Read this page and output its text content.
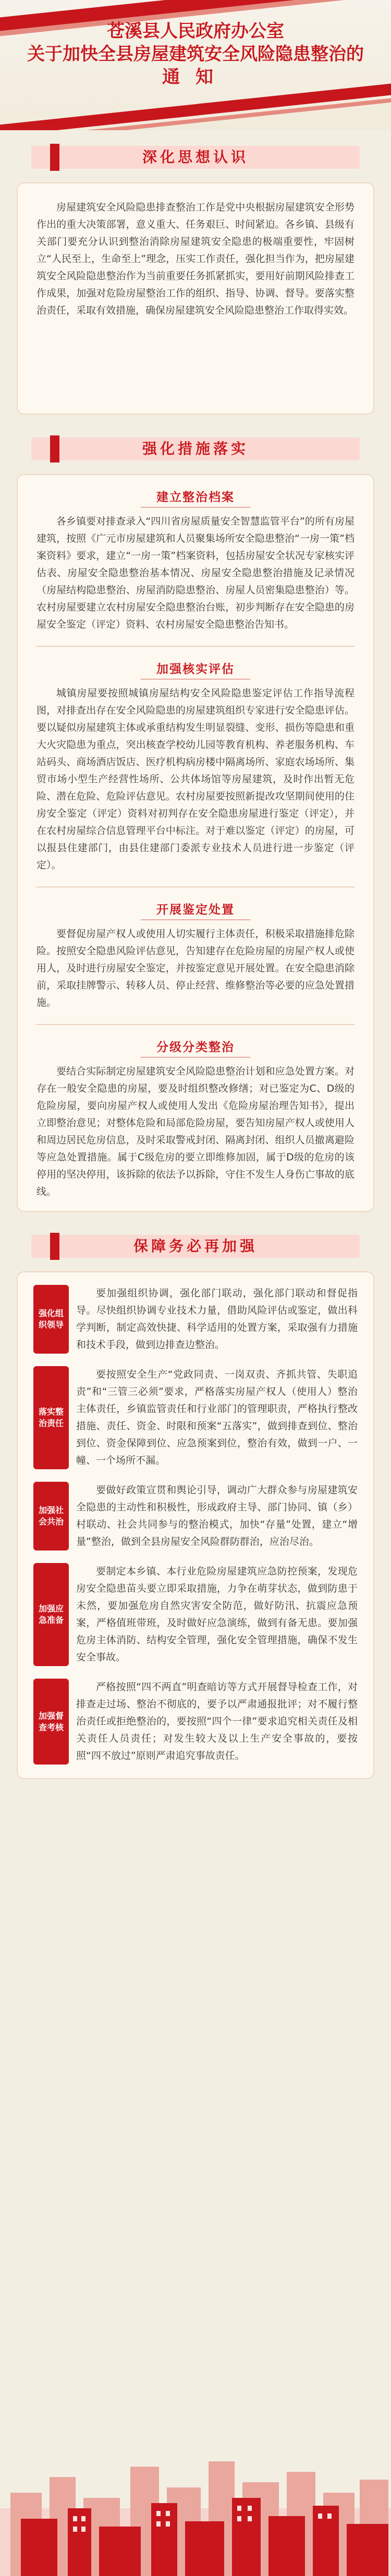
苍溪县人民政府办公室
关于加快全县房屋建筑安全风险隐患整治的
通知
深化思想认识

房屋建筑安全风险隐患排查整治工作是党中央根据房屋建筑安全形势作出的重大决策部署，意义重大、任务艰巨、时间紧迫。各乡镇、县级有关部门要充分认识到整治消除房屋建筑安全隐患的极端重要性，牢固树立“人民至上，生命至上”理念，压实工作责任，强化担当作为，把房屋建筑安全风险隐患整治作为当前重要任务抓紧抓实，要用好前期风险排查工作成果，加强对危险房屋整治工作的组织、指导、协调、督导。要落实整治责任，采取有效措施，确保房屋建筑安全风险隐患整治工作取得实效。

强化措施落实
建立整治档案

各乡镇要对排查录入“四川省房屋质量安全智慧监管平台”的所有房屋建筑，按照《广元市房屋建筑和人员聚集场所安全隐患整治“一房一策”档案资料》要求，建立“一房一策”档案资料，包括房屋安全状况专家核实评估表、房屋安全隐患整治基本情况、房屋安全隐患整治措施及记录情况（房屋结构隐患整治、房屋消防隐患整治、房屋人员密集隐患整治）等。农村房屋要建立农村房屋安全隐患整治台账，初步判断存在安全隐患的房屋安全鉴定（评定）资料、农村房屋安全隐患整治告知书。

加强核实评估

城镇房屋要按照城镇房屋结构安全风险隐患鉴定评估工作指导流程图，对排查出存在安全风险隐患的房屋建筑组织专家进行安全隐患评估。要以疑似房屋建筑主体或承重结构发生明显裂缝、变形、损伤等隐患和重大火灾隐患为重点，突出核查学校幼儿园等教育机构、养老服务机构、车站码头、商场酒店饭店、医疗机构病房楼中隔离场所、家庭农场场所、集贸市场小型生产经营性场所、公共体场馆等房屋建筑，及时作出暂无危险、潜在危险、危险评估意见。农村房屋要按照新提改攻坚期间使用的住房安全鉴定（评定）资料对初判存在安全隐患房屋进行鉴定（评定），并在农村房屋综合信息管理平台中标注。对于难以鉴定（评定）的房屋，可以报县住建部门，由县住建部门委派专业技术人员进行进一步鉴定（评定）。

开展鉴定处置

要督促房屋产权人或使用人切实履行主体责任，积极采取措施排危除险。按照安全隐患风险评估意见，告知建存在危险房屋的房屋产权人或使用人，及时进行房屋安全鉴定，并按鉴定意见开展处置。在安全隐患消除前，采取挂牌警示、转移人员、停止经营、维修整治等必要的应急处置措施。

分级分类整治

要结合实际制定房屋建筑安全风险隐患整治计划和应急处置方案。对存在一般安全隐患的房屋，要及时组织整改修缮；对已鉴定为C、D级的危险房屋，要向房屋产权人或使用人发出《危险房屋治理告知书》，提出立即整治意见；对整体危险和局部危险房屋，要告知房屋产权人或使用人和周边居民危房信息，及时采取警戒封闭、隔离封闭、组织人员撤离避险等应急处置措施。属于C级危房的要立即维修加固，属于D级的危房的该停用的坚决停用，该拆除的依法予以拆除，守住不发生人身伤亡事故的底线。

保障务必再加强
强化组织领导

要加强组织协调，强化部门联动，强化部门联动和督促指导。尽快组织协调专业技术力量，借助风险评估或鉴定，做出科学判断，制定高效快捷、科学适用的处置方案，采取强有力措施和技术手段，做到边排查边整治。

落实整治责任

要按照安全生产“党政同责、一岗双责、齐抓共管、失职追责”和“三管三必须”要求，严格落实房屋产权人（使用人）整治主体责任，乡镇监管责任和行业部门的管理职责，严格执行整改措施、责任、资金、时限和预案“五落实”，做到排查到位、整治到位、资金保障到位、应急预案到位，整治有效，做到一户、一幢、一个场所不漏。

加强社会共治

要做好政策宣贯和舆论引导，调动广大群众参与房屋建筑安全隐患的主动性和积极性，形成政府主导、部门协同、镇（乡）村联动、社会共同参与的整治模式，加快“存量”处置，建立“增量”整治，做到全县房屋安全风险群防群治，应治尽治。

加强应急准备

要制定本乡镇、本行业危险房屋建筑应急防控预案，发现危房安全隐患苗头要立即采取措施，力争在萌芽状态，做到防患于未然，要加强危房自然灾害安全防范，做好防汛、抗震应急预案，严格值班带班，及时做好应急演练，做到有备无患。要加强危房主体消防、结构安全管理，强化安全管理措施，确保不发生安全事故。

加强督查考核

严格按照“四不两直”明查暗访等方式开展督导检查工作，对排查走过场、整治不彻底的，要予以严肃通报批评；对不履行整治责任或拒绝整治的，要按照“四个一律”要求追究相关责任及相关责任人员责任；对发生较大及以上生产安全事故的，要按照“四不放过”原则严肃追究事故责任。
